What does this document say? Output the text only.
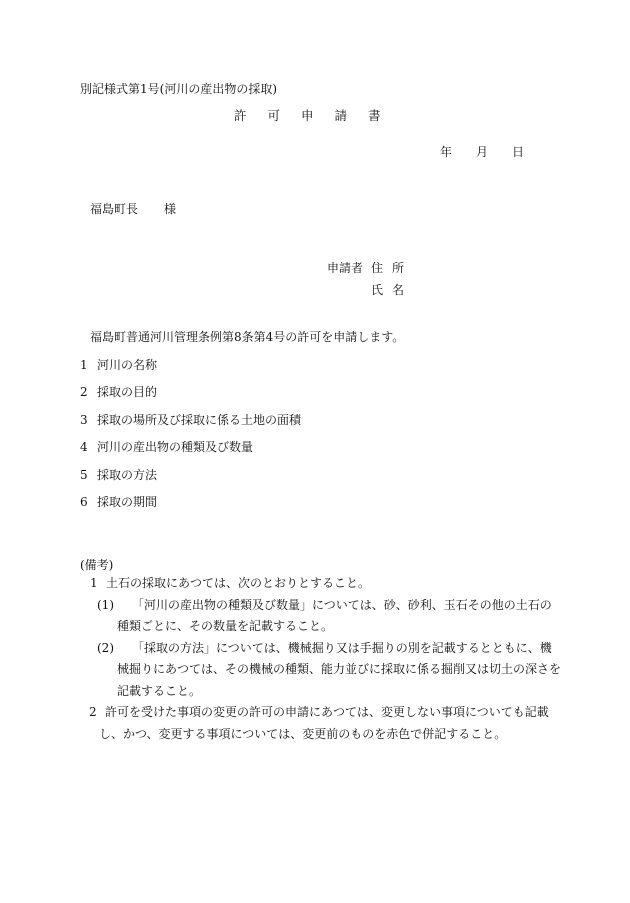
別記様式第1号(河川の産出物の採取)
許可申請書
年月日
福島町長 様
申請者 住所
氏名
福島町普通河川管理条例第8条第4号の許可を申請します。
1 河川の名称
2 採取の目的
3 採取の場所及び採取に係る土地の面積
4 河川の産出物の種類及び数量
5 採取の方法
6 採取の期間
(備考)
1 土石の採取にあつては、次のとおりとすること。
(1) 「河川の産出物の種類及び数量」については、砂、砂利、玉石その他の土石の
種類ごとに、その数量を記載すること。
(2) 「採取の方法」については、機械掘り又は手掘りの別を記載するとともに、機
械掘りにあつては、その機械の種類、能力並びに採取に係る掘削又は切土の深さを
記載すること。
2 許可を受けた事項の変更の許可の申請にあつては、変更しない事項についても記載
し、かつ、変更する事項については、変更前のものを赤色で併記すること。
